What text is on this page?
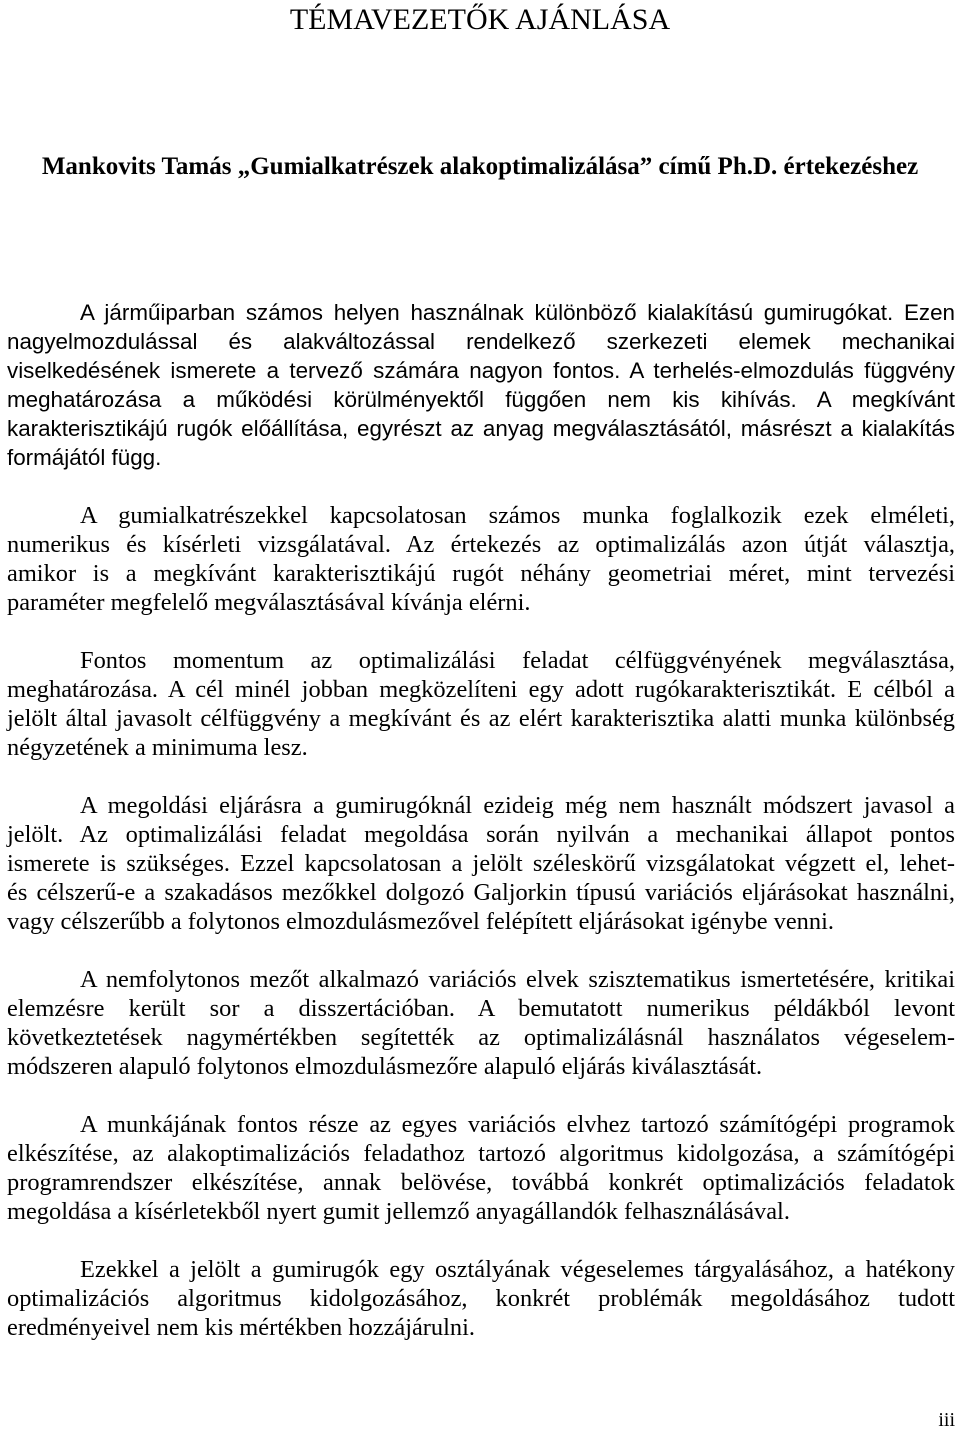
TÉMAVEZETŐK AJÁNLÁSA
Mankovits Tamás „Gumialkatrészek alakoptimalizálása” című Ph.D. értekezéshez
A járműiparban számos helyen használnak különböző kialakítású gumirugókat. Ezen
nagyelmozdulással és alakváltozással rendelkező szerkezeti elemek mechanikai
viselkedésének ismerete a tervező számára nagyon fontos. A terhelés-elmozdulás függvény
meghatározása a működési körülményektől függően nem kis kihívás. A megkívánt
karakterisztikájú rugók előállítása, egyrészt az anyag megválasztásától, másrészt a kialakítás
formájától függ.
A gumialkatrészekkel kapcsolatosan számos munka foglalkozik ezek elméleti,
numerikus és kísérleti vizsgálatával. Az értekezés az optimalizálás azon útját választja,
amikor is a megkívánt karakterisztikájú rugót néhány geometriai méret, mint tervezési
paraméter megfelelő megválasztásával kívánja elérni.
Fontos momentum az optimalizálási feladat célfüggvényének megválasztása,
meghatározása. A cél minél jobban megközelíteni egy adott rugókarakterisztikát. E célból a
jelölt által javasolt célfüggvény a megkívánt és az elért karakterisztika alatti munka különbség
négyzetének a minimuma lesz.
A megoldási eljárásra a gumirugóknál ezideig még nem használt módszert javasol a
jelölt. Az optimalizálási feladat megoldása során nyilván a mechanikai állapot pontos
ismerete is szükséges. Ezzel kapcsolatosan a jelölt széleskörű vizsgálatokat végzett el, lehet-
és célszerű-e a szakadásos mezőkkel dolgozó Galjorkin típusú variációs eljárásokat használni,
vagy célszerűbb a folytonos elmozdulásmezővel felépített eljárásokat igénybe venni.
A nemfolytonos mezőt alkalmazó variációs elvek szisztematikus ismertetésére, kritikai
elemzésre került sor a disszertációban. A bemutatott numerikus példákból levont
következtetések nagymértékben segítették az optimalizálásnál használatos végeselem-
módszeren alapuló folytonos elmozdulásmezőre alapuló eljárás kiválasztását.
A munkájának fontos része az egyes variációs elvhez tartozó számítógépi programok
elkészítése, az alakoptimalizációs feladathoz tartozó algoritmus kidolgozása, a számítógépi
programrendszer elkészítése, annak belövése, továbbá konkrét optimalizációs feladatok
megoldása a kísérletekből nyert gumit jellemző anyagállandók felhasználásával.
Ezekkel a jelölt a gumirugók egy osztályának végeselemes tárgyalásához, a hatékony
optimalizációs algoritmus kidolgozásához, konkrét problémák megoldásához tudott
eredményeivel nem kis mértékben hozzájárulni.
iii
